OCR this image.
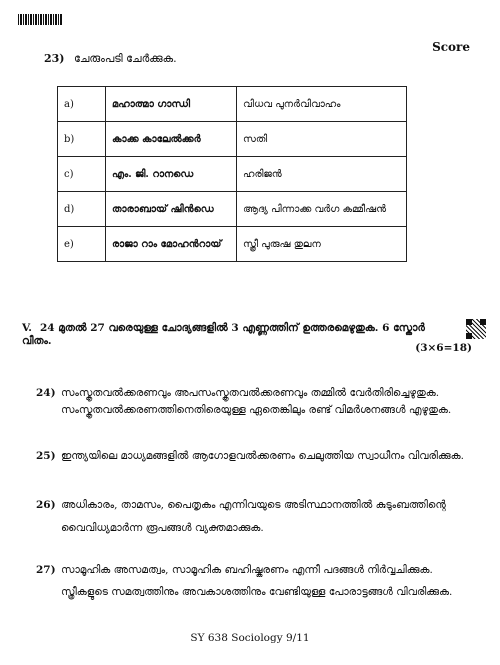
Score
23) ചേരുംപടി ചേർക്കുക.
a)	മഹാത്മാ ഗാന്ധി	വിധവ പുനർവിവാഹം
b)	കാക്ക കാലേൽക്കർ	സതി
c)	എം. ജി. റാനഡെ	ഹരിജൻ
d)	താരാബായ് ഷിൻഡെ	ആദ്യ പിന്നാക്ക വർഗ കമ്മീഷൻ
e)	രാജാ റാം മോഹൻറായ്	സ്ത്രീ പുരുഷ തുലന
V. 24 മുതൽ 27 വരെയുള്ള ചോദ്യങ്ങളിൽ 3 എണ്ണത്തിന് ഉത്തരമെഴുതുക. 6 സ്കോർ വീതം.
(3×6=18)
24) സംസ്കൃതവൽക്കരണവും അപസംസ്കൃതവൽക്കരണവും തമ്മിൽ വേർതിരിച്ചെഴുതുക.
സംസ്കൃതവൽക്കരണത്തിനെതിരെയുള്ള ഏതെങ്കിലും രണ്ട് വിമർശനങ്ങൾ എഴുതുക.
25) ഇന്ത്യയിലെ മാധ്യമങ്ങളിൽ ആഗോളവൽക്കരണം ചെലുത്തിയ സ്വാധീനം വിവരിക്കുക.
26) അധികാരം, താമസം, പൈതൃകം എന്നിവയുടെ അടിസ്ഥാനത്തിൽ കുടുംബത്തിന്റെ
വൈവിധ്യമാർന്ന രൂപങ്ങൾ വ്യക്തമാക്കുക.
27) സാമൂഹിക അസമത്വം, സാമൂഹിക ബഹിഷ്കരണം എന്നീ പദങ്ങൾ നിർവ്വചിക്കുക.
സ്ത്രീകളുടെ സമത്വത്തിനും അവകാശത്തിനും വേണ്ടിയുള്ള പോരാട്ടങ്ങൾ വിവരിക്കുക.
SY 638 Sociology 9/11
